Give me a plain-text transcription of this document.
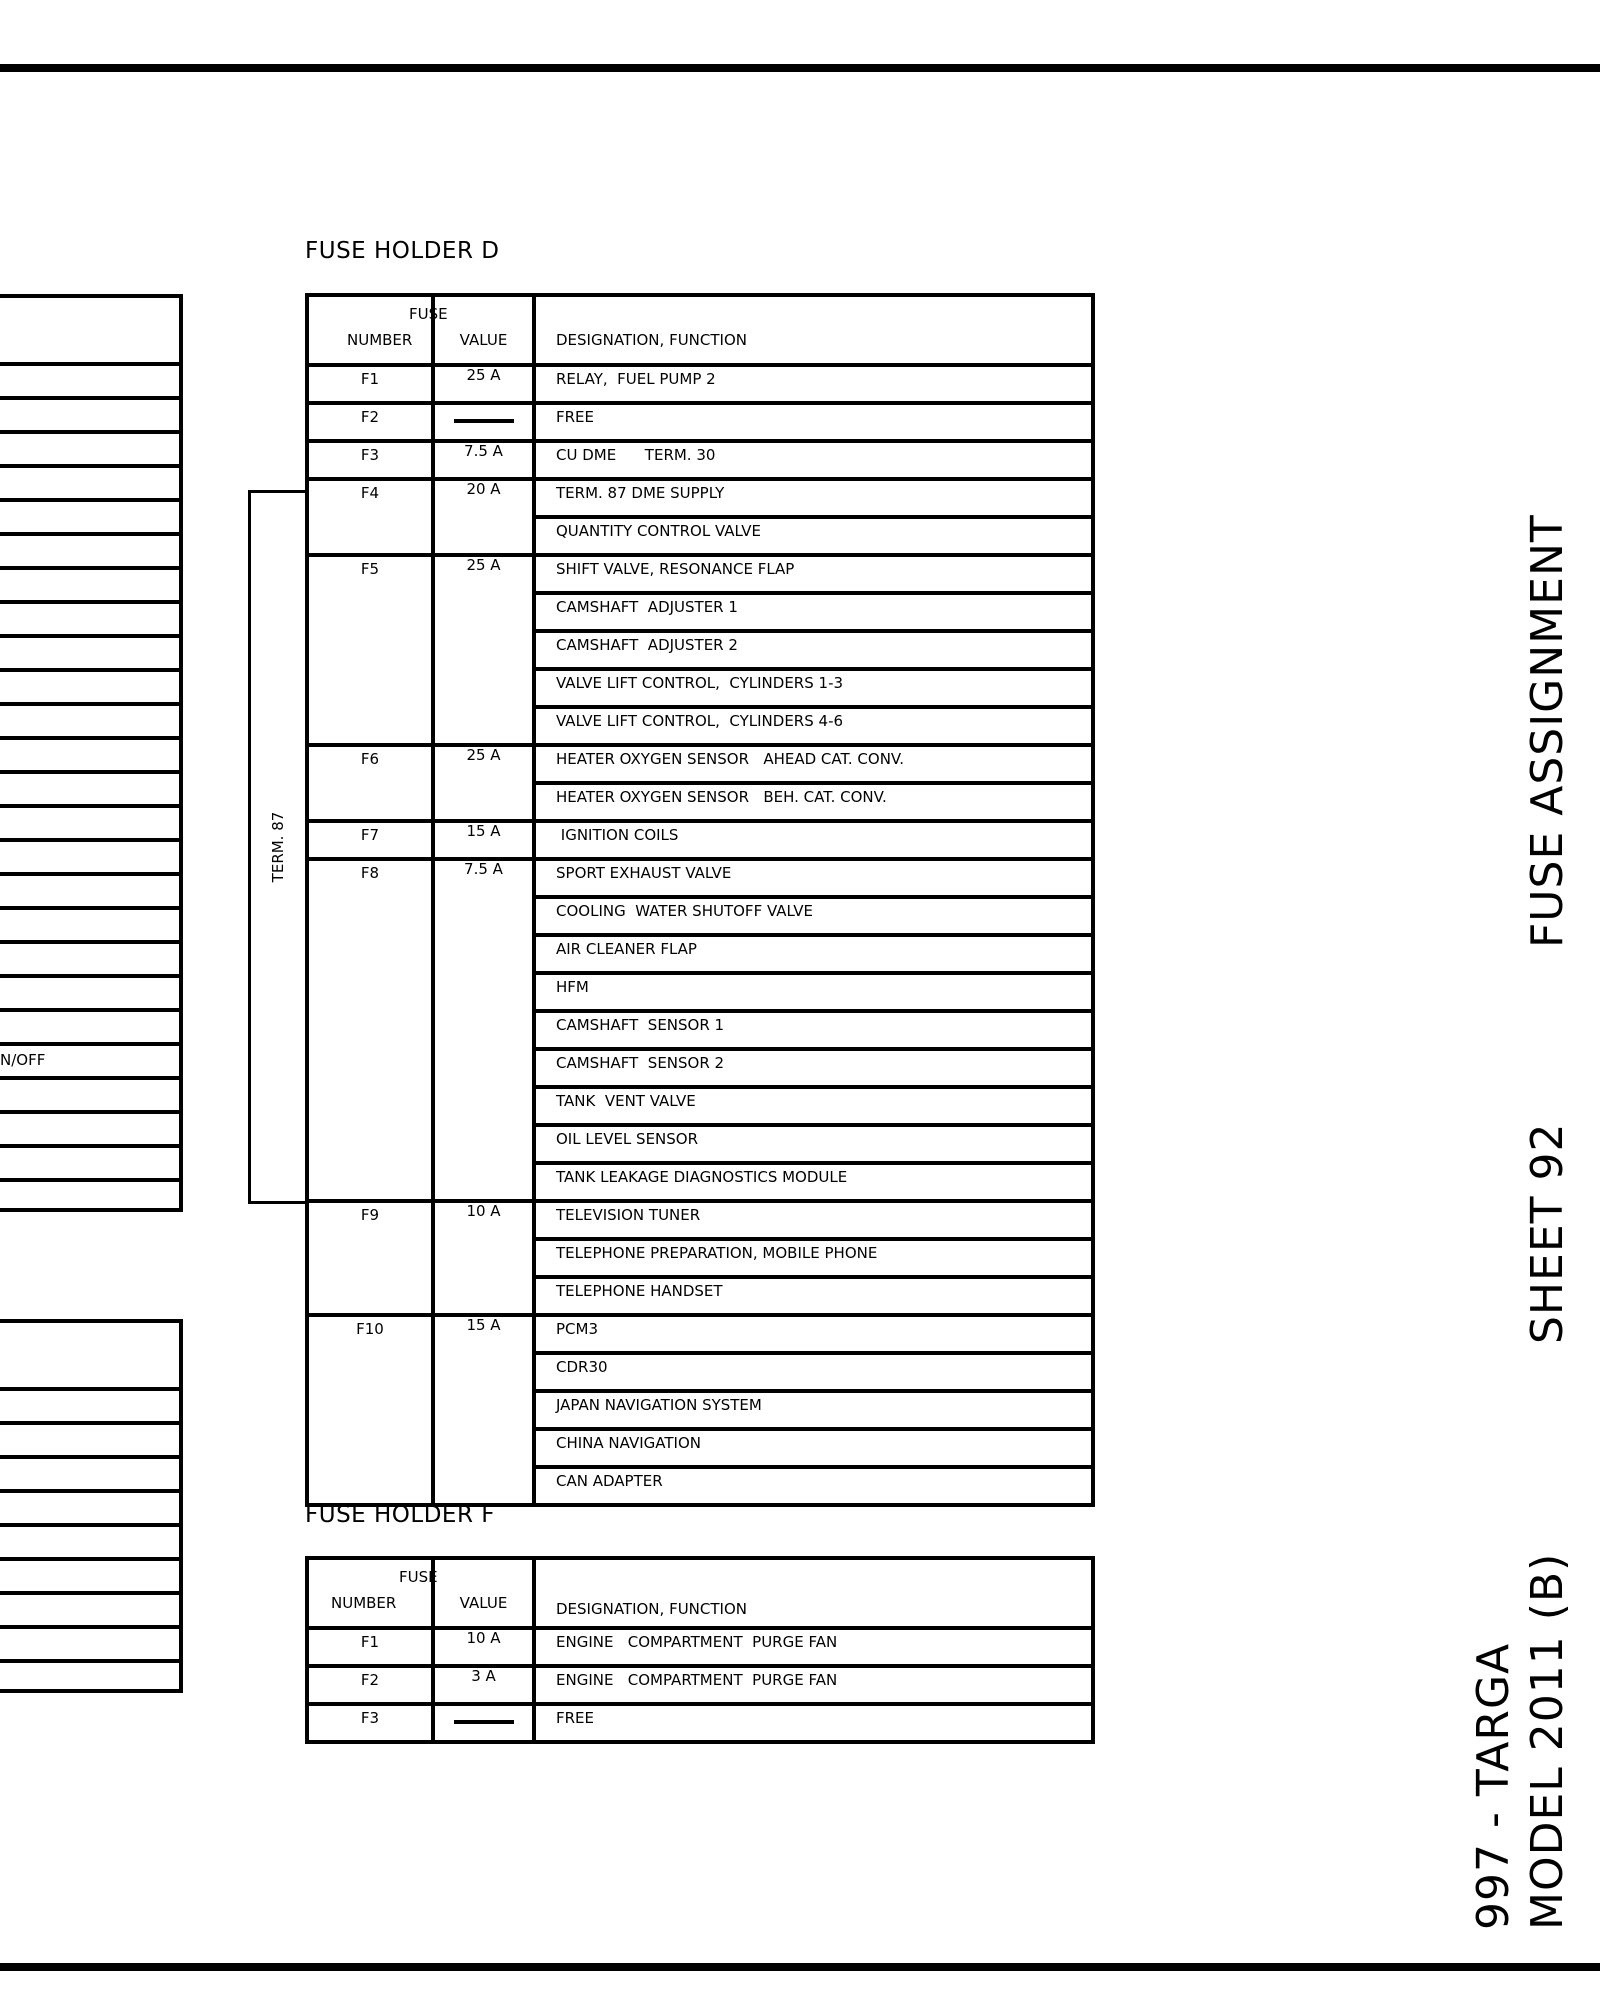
N/OFF
FUSE HOLDER D
TERM. 87
FUSE
NUMBER	VALUE	DESIGNATION, FUNCTION

F1	25 A	RELAY,  FUEL PUMP 2

F2		FREE

F3	7.5 A	CU DME      TERM. 30

F4	20 A	TERM. 87 DME SUPPLY

		QUANTITY CONTROL VALVE

F5	25 A	SHIFT VALVE, RESONANCE FLAP

		CAMSHAFT  ADJUSTER 1

		CAMSHAFT  ADJUSTER 2

		VALVE LIFT CONTROL,  CYLINDERS 1-3

		VALVE LIFT CONTROL,  CYLINDERS 4-6

F6	25 A	HEATER OXYGEN SENSOR   AHEAD CAT. CONV.

		HEATER OXYGEN SENSOR   BEH. CAT. CONV.

F7	15 A	IGNITION COILS

F8	7.5 A	SPORT EXHAUST VALVE

		COOLING  WATER SHUTOFF VALVE

		AIR CLEANER FLAP

		HFM

		CAMSHAFT  SENSOR 1

		CAMSHAFT  SENSOR 2

		TANK  VENT VALVE

		OIL LEVEL SENSOR

		TANK LEAKAGE DIAGNOSTICS MODULE

F9	10 A	TELEVISION TUNER

		TELEPHONE PREPARATION, MOBILE PHONE

		TELEPHONE HANDSET

F10	15 A	PCM3

		CDR30

		JAPAN NAVIGATION SYSTEM

		CHINA NAVIGATION

		CAN ADAPTER
FUSE HOLDER F
FUSE
NUMBER	VALUE	DESIGNATION, FUNCTION

F1	10 A	ENGINE   COMPARTMENT  PURGE FAN

F2	3 A	ENGINE   COMPARTMENT  PURGE FAN

F3		FREE
FUSE ASSIGNMENT
SHEET 92
997 - TARGA MODEL 2011 (B)
